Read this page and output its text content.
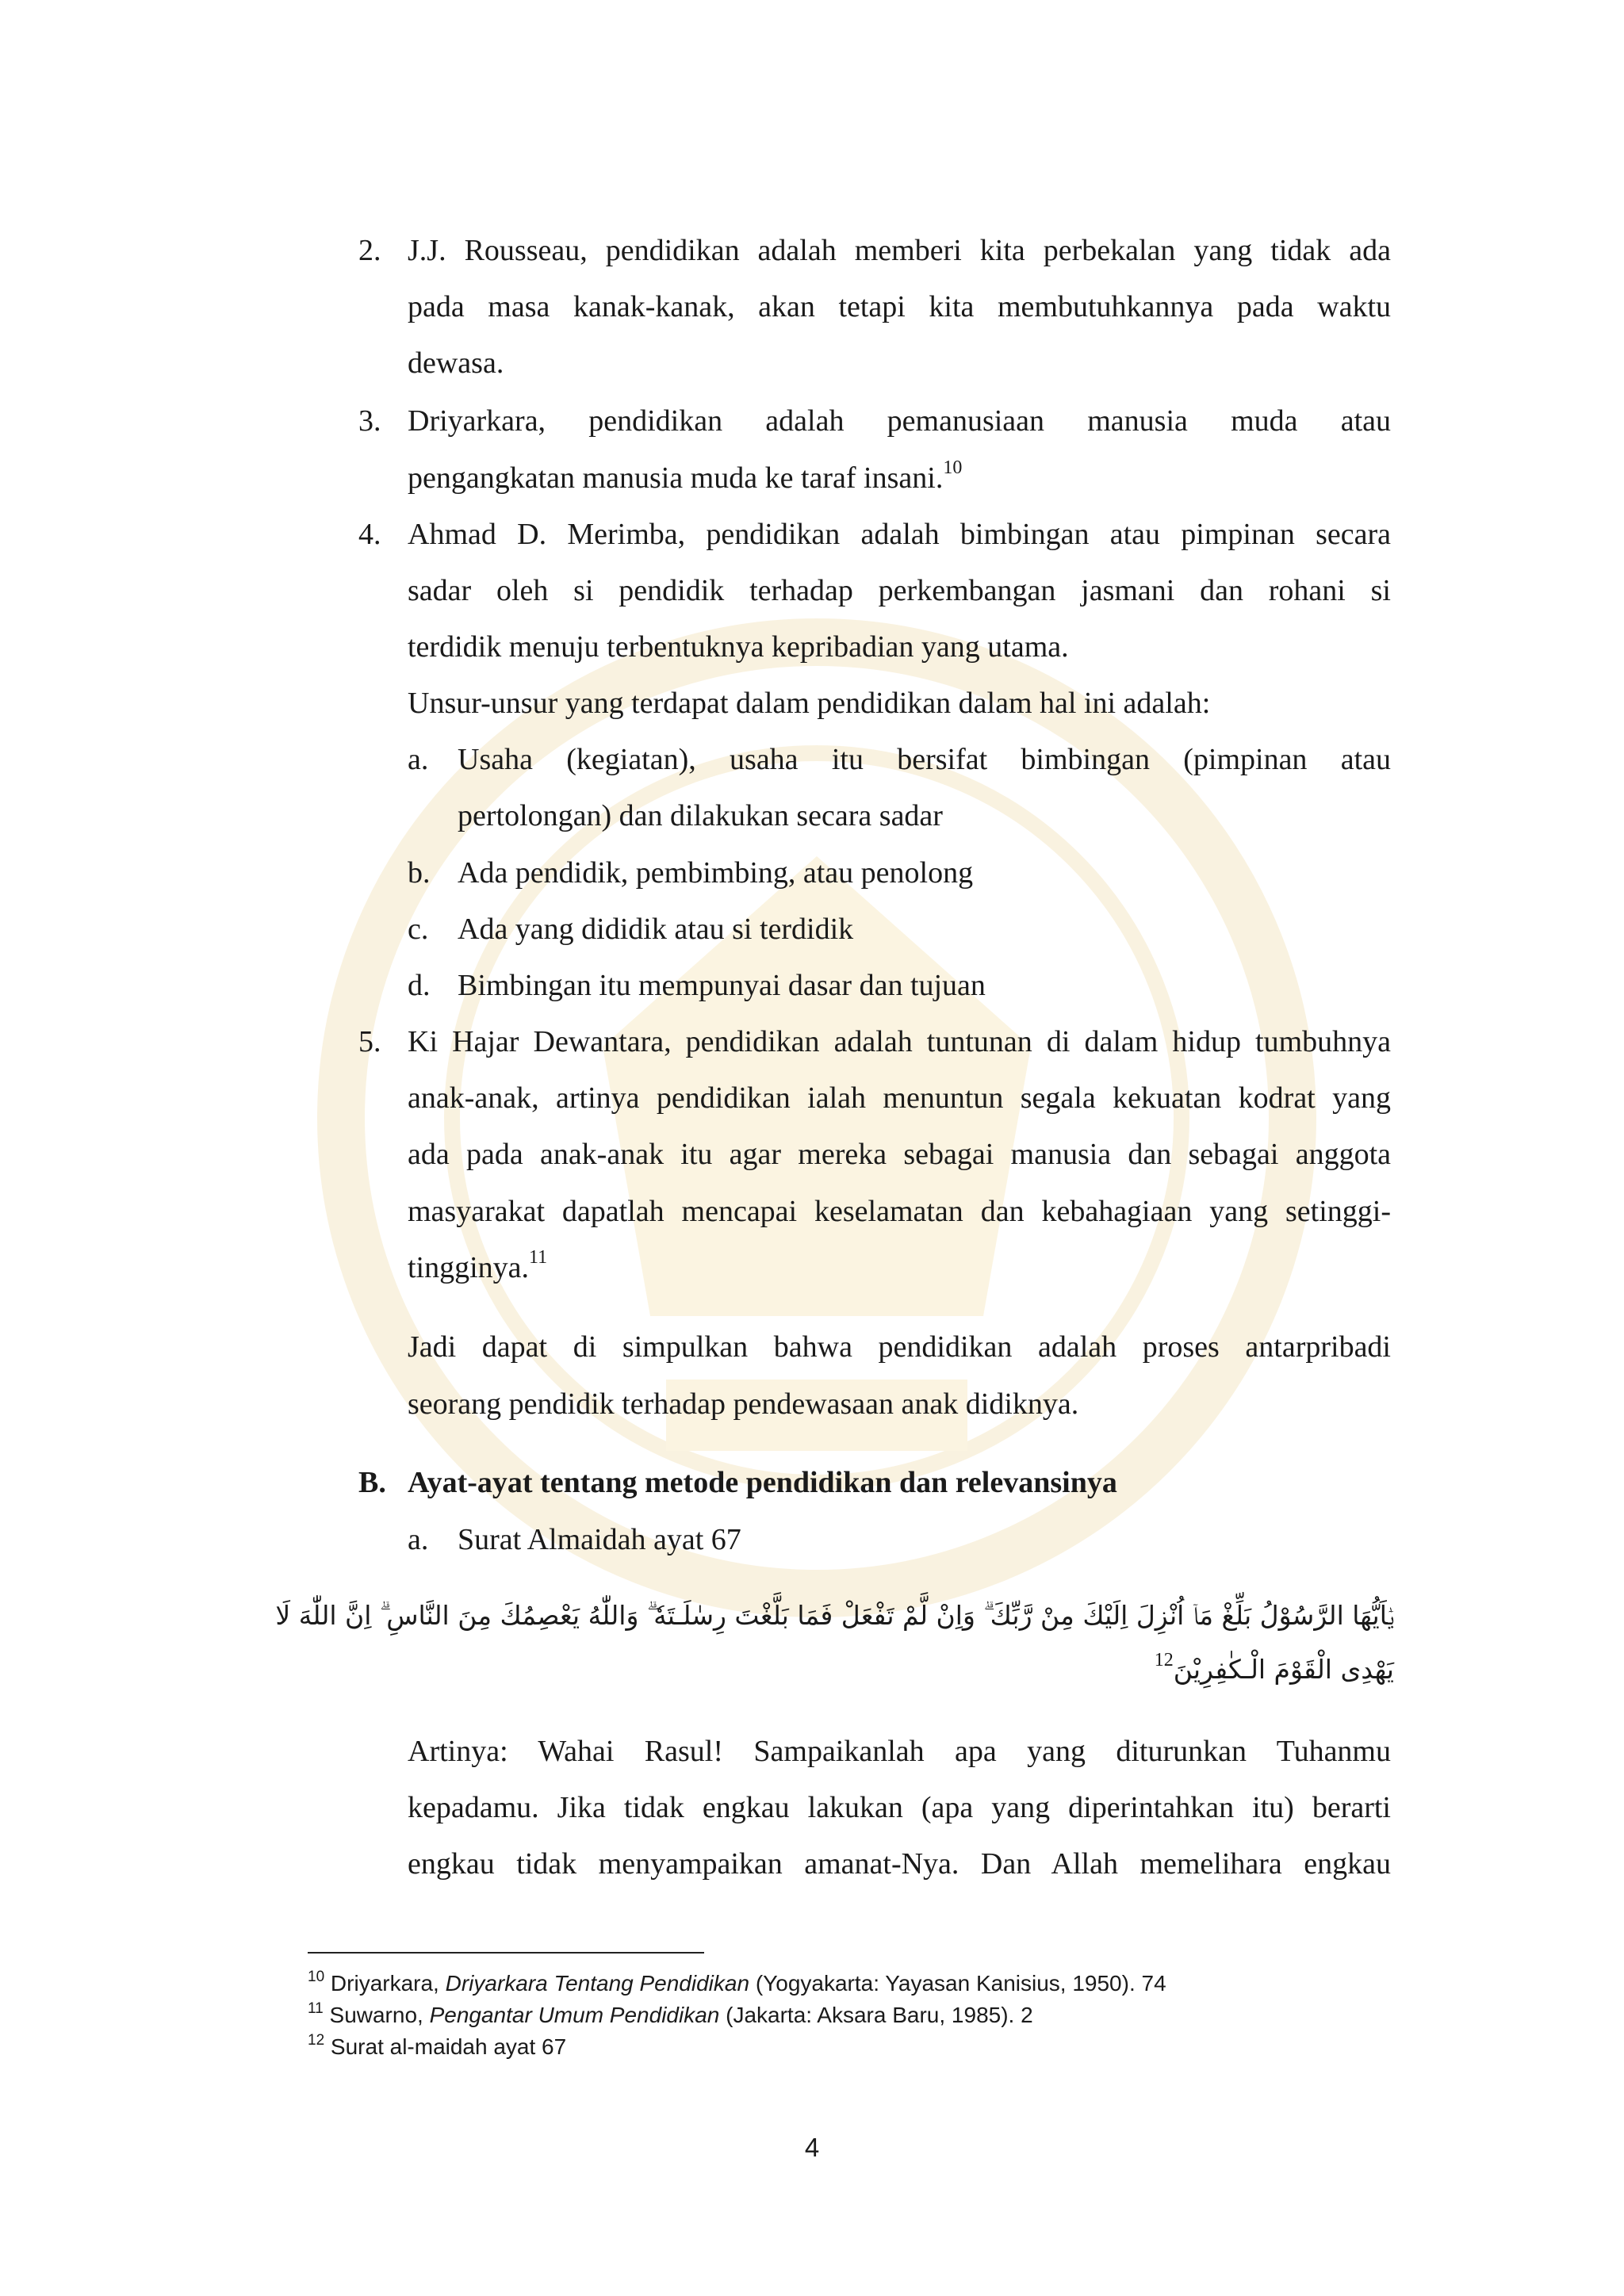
2. J.J. Rousseau, pendidikan adalah memberi kita perbekalan yang tidak ada
pada masa kanak-kanak, akan tetapi kita membutuhkannya pada waktu
dewasa.
3. Driyarkara, pendidikan adalah pemanusiaan manusia muda atau
pengangkatan manusia muda ke taraf insani.$^{10}$
4. Ahmad D. Merimba, pendidikan adalah bimbingan atau pimpinan secara
sadar oleh si pendidik terhadap perkembangan jasmani dan rohani si
terdidik menuju terbentuknya kepribadian yang utama.
Unsur-unsur yang terdapat dalam pendidikan dalam hal ini adalah:
a. Usaha (kegiatan), usaha itu bersifat bimbingan (pimpinan atau
pertolongan) dan dilakukan secara sadar
b. Ada pendidik, pembimbing, atau penolong
c. Ada yang dididik atau si terdidik
d. Bimbingan itu mempunyai dasar dan tujuan
5. Ki Hajar Dewantara, pendidikan adalah tuntunan di dalam hidup tumbuhnya
anak-anak, artinya pendidikan ialah menuntun segala kekuatan kodrat yang
ada pada anak-anak itu agar mereka sebagai manusia dan sebagai anggota
masyarakat dapatlah mencapai keselamatan dan kebahagiaan yang setinggi-
tingginya.$^{11}$
Jadi dapat di simpulkan bahwa pendidikan adalah proses antarpribadi
seorang pendidik terhadap pendewasaan anak didiknya.
B. Ayat-ayat tentang metode pendidikan dan relevansinya
a. Surat Almaidah ayat 67
يٰۤاَيُّهَا الرَّسُوْلُ بَلِّغْ مَاۤ اُنْزِلَ اِلَيْكَ مِنْ رَّبِّكَ ۗ وَاِنْ لَّمْ تَفْعَلْ فَمَا بَلَّغْتَ رِسٰلَـتَهٗ ۗ وَاللّٰهُ يَعْصِمُكَ مِنَ النَّاسِ ۗ اِنَّ اللّٰهَ لَا
يَهْدِى الْقَوْمَ الْـكٰفِرِيْنَ$^{12}$
Artinya: Wahai Rasul! Sampaikanlah apa yang diturunkan Tuhanmu
kepadamu. Jika tidak engkau lakukan (apa yang diperintahkan itu) berarti
engkau tidak menyampaikan amanat-Nya. Dan Allah memelihara engkau
$^{10}$ Driyarkara, Driyarkara Tentang Pendidikan (Yogyakarta: Yayasan Kanisius, 1950). 74
$^{11}$ Suwarno, Pengantar Umum Pendidikan (Jakarta: Aksara Baru, 1985). 2
$^{12}$ Surat al-maidah ayat 67
4
